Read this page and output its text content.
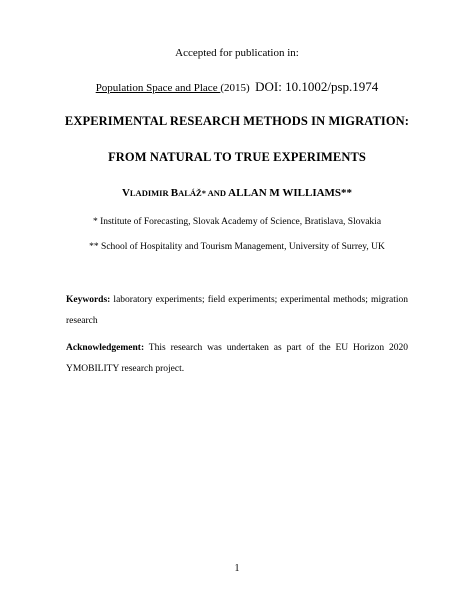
Accepted for publication in:
Population Space and Place (2015) DOI: 10.1002/psp.1974
EXPERIMENTAL RESEARCH METHODS IN MIGRATION:
FROM NATURAL TO TRUE EXPERIMENTS
VLADIMIR BALÁŽ* AND ALLAN M WILLIAMS**
* Institute of Forecasting, Slovak Academy of Science, Bratislava, Slovakia
** School of Hospitality and Tourism Management, University of Surrey, UK
Keywords: laboratory experiments; field experiments; experimental methods; migration research
Acknowledgement: This research was undertaken as part of the EU Horizon 2020 YMOBILITY research project.
1
